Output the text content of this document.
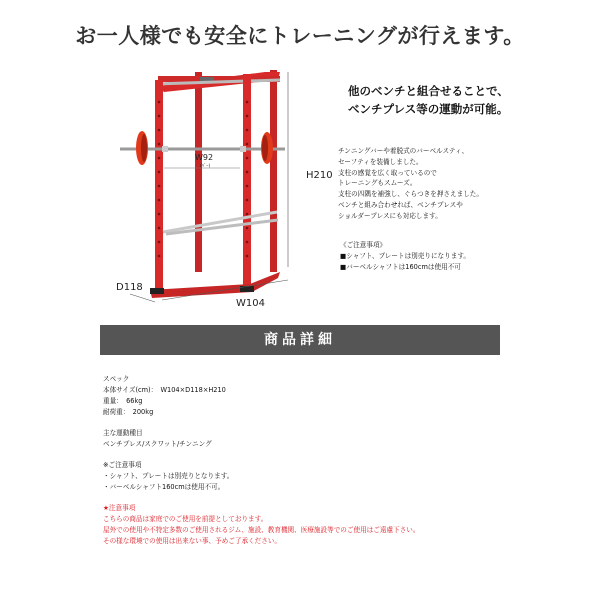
お一人様でも安全にトレーニングが行えます。
H210
D118
W104
W92
(ﾊﾞｰ)
他のベンチと組合せることで、
ベンチプレス等の運動が可能。
チンニングバーや着脱式のバーベルスティ、
セーフティを装備しました。
支柱の感覚を広く取っているので
トレーニングもスムーズ。
支柱の四隅を補強し、ぐらつきを押さえました。
ベンチと組み合わせれば、ベンチプレスや
ショルダープレスにも対応します。
《ご注意事項》
■シャフト、プレートは別売りになります。
■バーベルシャフトは160cmは使用不可
商品詳細
スペック
本体サイズ(cm)：　W104×D118×H210
重量：　66kg
耐荷重：　200kg
主な運動種目
ベンチプレス/スクワット/チンニング
※ご注意事項
・シャフト、プレートは別売りとなります。
・バーベルシャフト160cmは使用不可。
★注意事項
こちらの商品は家庭でのご使用を前提としております。
屋外での使用や不特定多数のご使用されるジム、施設、教育機関、医療施設等でのご使用はご遠慮下さい。
その様な環境での使用は出来ない事、予めご了承ください。
